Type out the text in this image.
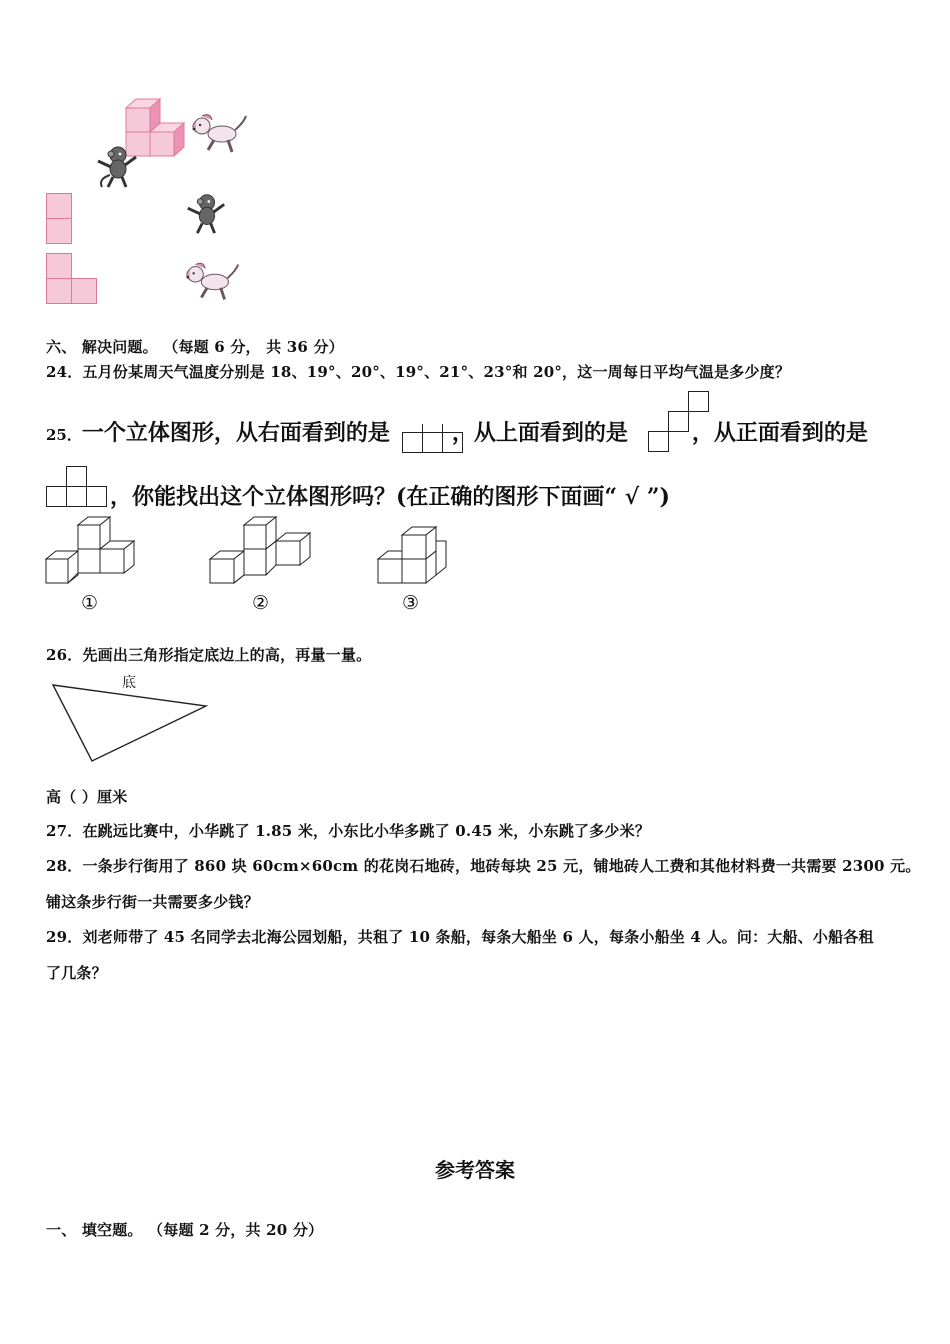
六、 解决问题。 （每题 6 分， 共 36 分）
24．五月份某周天气温度分别是 18、19°、20°、19°、21°、23°和 20°，这一周每日平均气温是多少度？
25．一个立体图形，从右面看到的是	，从上面看到的是	，从正面看到的是
，你能找出这个立体图形吗？(在正确的图形下面画“ √ ”)
①	②	③
26．先画出三角形指定底边上的高，再量一量。
底
高（ ）厘米
27．在跳远比赛中，小华跳了 1.85 米，小东比小华多跳了 0.45 米，小东跳了多少米？
28．一条步行街用了 860 块 60cm×60cm 的花岗石地砖，地砖每块 25 元，铺地砖人工费和其他材料费一共需要 2300 元。
铺这条步行街一共需要多少钱？
29．刘老师带了 45 名同学去北海公园划船，共租了 10 条船，每条大船坐 6 人，每条小船坐 4 人。问：大船、小船各租
了几条？
参考答案
一、 填空题。 （每题 2 分，共 20 分）
